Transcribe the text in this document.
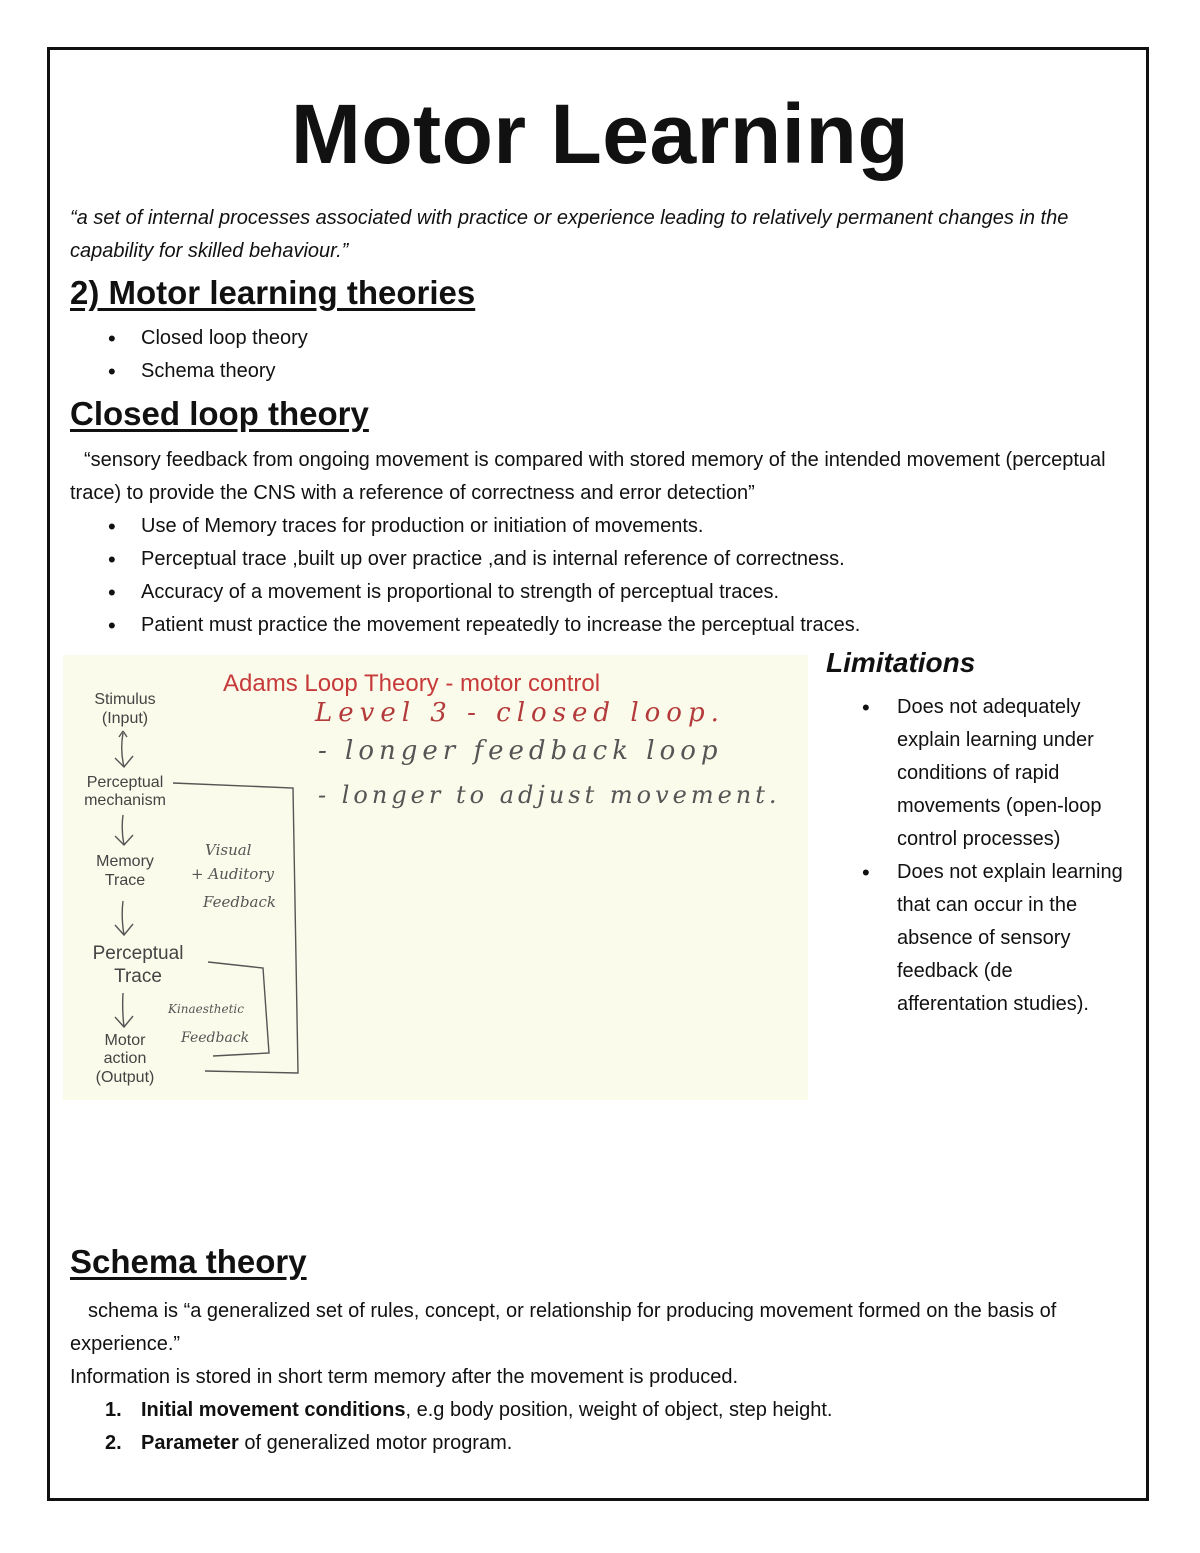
Motor Learning

“a set of internal processes associated with practice or experience leading to relatively permanent changes in the capability for skilled behaviour.”

2) Motor learning theories
• Closed loop theory
• Schema theory
Closed loop theory

“sensory feedback from ongoing movement is compared with stored memory of the intended movement (perceptual trace) to provide the CNS with a reference of correctness and error detection”

• Use of Memory traces for production or initiation of movements.
• Perceptual trace ,built up over practice ,and is internal reference of correctness.
• Accuracy of a movement is proportional to strength of perceptual traces.
• Patient must practice the movement repeatedly to increase the perceptual traces.
Adams Loop Theory - motor control
Stimulus
(Input)
Perceptual
mechanism
Memory
Trace
Perceptual
Trace
Motor
action
(Output)
Visual
+ Auditory
Feedback
Kinaesthetic
Feedback
Level 3 - closed loop.
- longer feedback loop
- longer to adjust movement.
Limitations
• Does not adequately explain learning under conditions of rapid movements (open-loop control processes)
• Does not explain learning that can occur in the absence of sensory feedback (de afferentation studies).
Schema theory

schema is “a generalized set of rules, concept, or relationship for producing movement formed on the basis of experience.”

Information is stored in short term memory after the movement is produced.

1. Initial movement conditions, e.g body position, weight of object, step height.
2. Parameter of generalized motor program.
